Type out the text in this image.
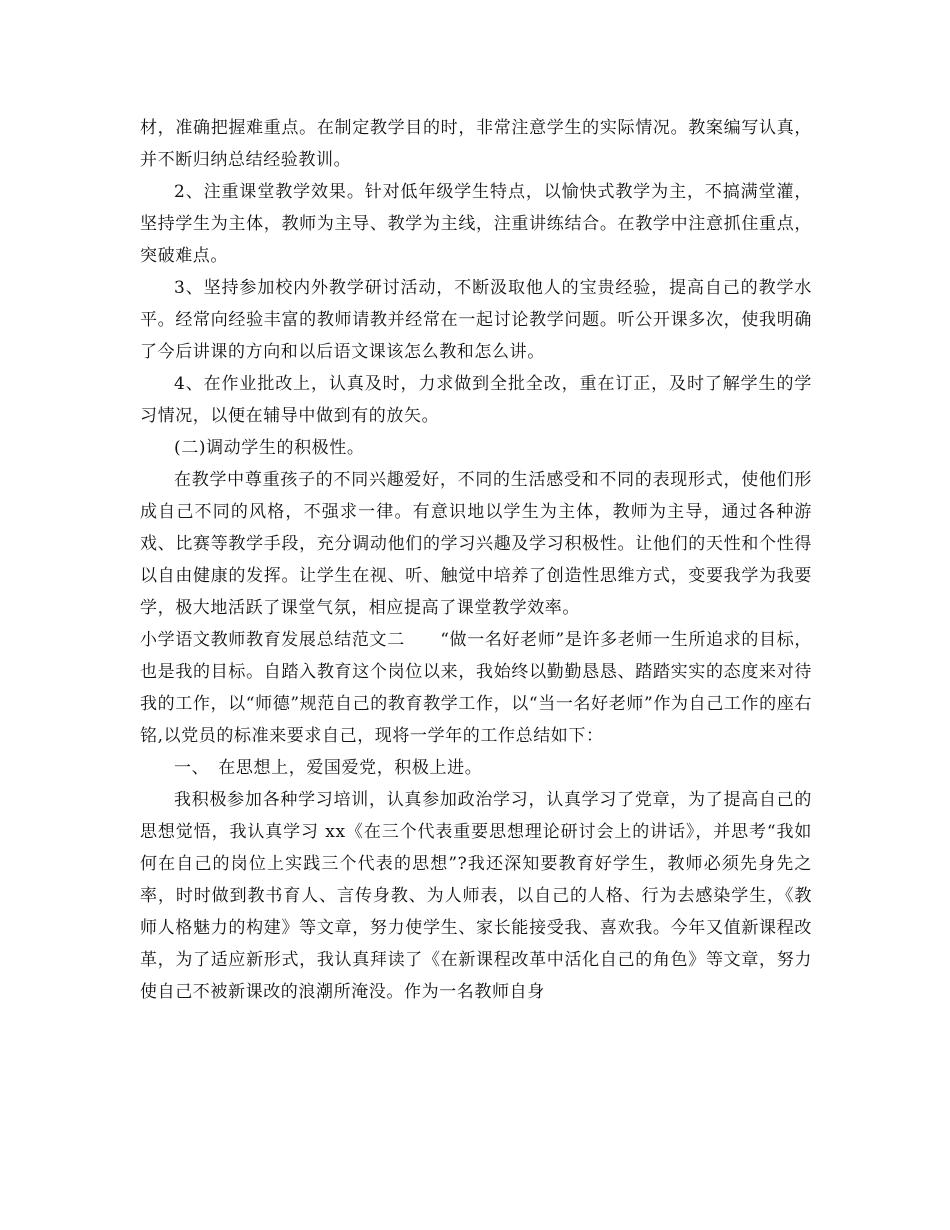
材，准确把握难重点。在制定教学目的时，非常注意学生的实际情况。教案编写认真，并不断归纳总结经验教训。

2、注重课堂教学效果。针对低年级学生特点，以愉快式教学为主，不搞满堂灌，坚持学生为主体，教师为主导、教学为主线，注重讲练结合。在教学中注意抓住重点，突破难点。

3、坚持参加校内外教学研讨活动，不断汲取他人的宝贵经验，提高自己的教学水平。经常向经验丰富的教师请教并经常在一起讨论教学问题。听公开课多次，使我明确了今后讲课的方向和以后语文课该怎么教和怎么讲。

4、在作业批改上，认真及时，力求做到全批全改，重在订正，及时了解学生的学习情况，以便在辅导中做到有的放矢。

(二)调动学生的积极性。

在教学中尊重孩子的不同兴趣爱好，不同的生活感受和不同的表现形式，使他们形成自己不同的风格，不强求一律。有意识地以学生为主体，教师为主导，通过各种游戏、比赛等教学手段，充分调动他们的学习兴趣及学习积极性。让他们的天性和个性得以自由健康的发挥。让学生在视、听、触觉中培养了创造性思维方式，变要我学为我要学，极大地活跃了课堂气氛，相应提高了课堂教学效率。

小学语文教师教育发展总结范文二　　“做一名好老师”是许多老师一生所追求的目标，也是我的目标。自踏入教育这个岗位以来，我始终以勤勤恳恳、踏踏实实的态度来对待我的工作，以“师德”规范自己的教育教学工作，以“当一名好老师”作为自己工作的座右铭,以党员的标准来要求自己，现将一学年的工作总结如下：

一、　在思想上，爱国爱党，积极上进。

我积极参加各种学习培训，认真参加政治学习，认真学习了党章，为了提高自己的思想觉悟，我认真学习 xx《在三个代表重要思想理论研讨会上的讲话》，并思考“我如何在自己的岗位上实践三个代表的思想”?我还深知要教育好学生，教师必须先身先之率，时时做到教书育人、言传身教、为人师表，以自己的人格、行为去感染学生，《教师人格魅力的构建》等文章，努力使学生、家长能接受我、喜欢我。今年又值新课程改革，为了适应新形式，我认真拜读了《在新课程改革中活化自己的角色》等文章，努力使自己不被新课改的浪潮所淹没。作为一名教师自身
